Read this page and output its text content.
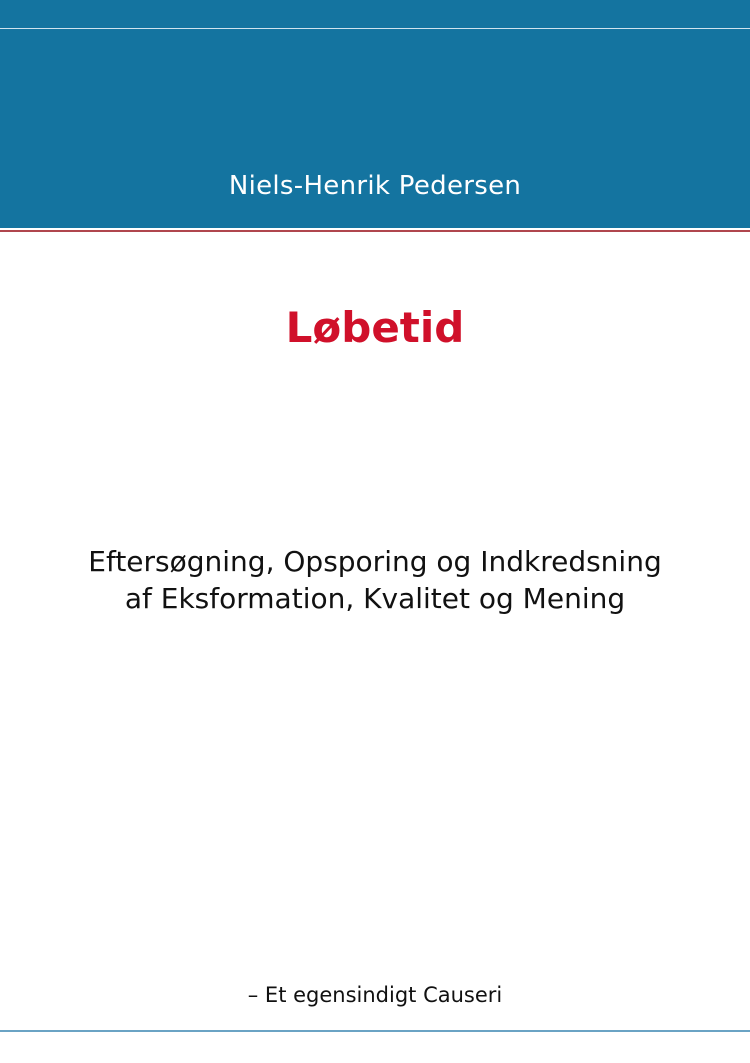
Niels-Henrik Pedersen
Løbetid
Eftersøgning, Opsporing og Indkredsning
af Eksformation, Kvalitet og Mening
– Et egensindigt Causeri
